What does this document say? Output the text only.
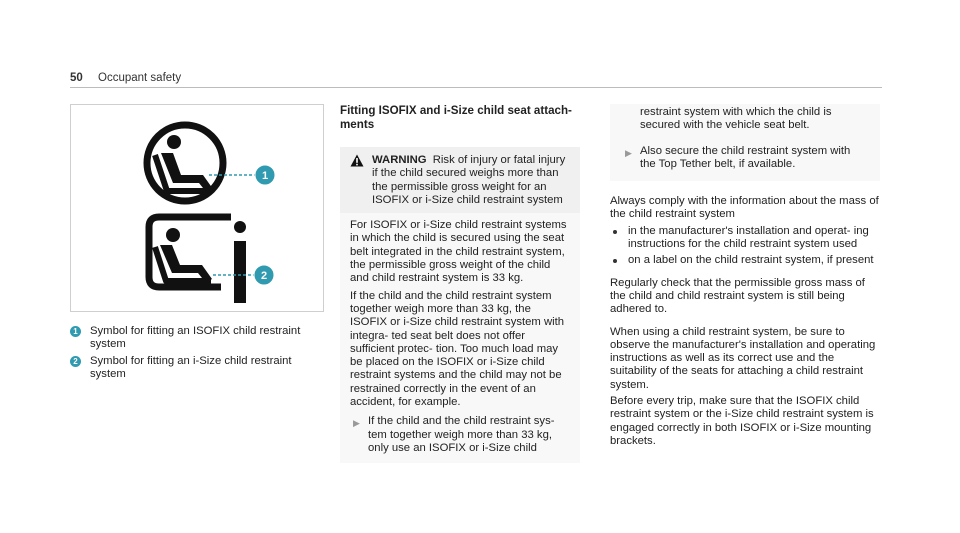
50 Occupant safety
1
2
1 Symbol for fitting an ISOFIX child restraint system
2 Symbol for fitting an i-Size child restraint system
Fitting ISOFIX and i-Size child seat attach- ments
WARNING Risk of injury or fatal injury if the child secured weighs more than the permissible gross weight for an ISOFIX or i-Size child restraint system

For ISOFIX or i-Size child restraint systems in which the child is secured using the seat belt integrated in the child restraint system, the permissible gross weight of the child and child restraint system is 33 kg.

If the child and the child restraint system together weigh more than 33 kg, the ISOFIX or i-Size child restraint system with integra- ted seat belt does not offer sufficient protec- tion. Too much load may be placed on the ISOFIX or i-Size child restraint systems and the child may not be restrained correctly in the event of an accident, for example.

▶ If the child and the child restraint sys- tem together weigh more than 33 kg, only use an ISOFIX or i-Size child
restraint system with which the child is secured with the vehicle seat belt.
▶ Also secure the child restraint system with the Top Tether belt, if available.

Always comply with the information about the mass of the child restraint system

in the manufacturer's installation and operat- ing instructions for the child restraint system used
on a label on the child restraint system, if present

Regularly check that the permissible gross mass of the child and child restraint system is still being adhered to.

When using a child restraint system, be sure to observe the manufacturer's installation and operating instructions as well as its correct use and the suitability of the seats for attaching a child restraint system.

Before every trip, make sure that the ISOFIX child restraint system or the i-Size child restraint system is engaged correctly in both ISOFIX or i-Size mounting brackets.
